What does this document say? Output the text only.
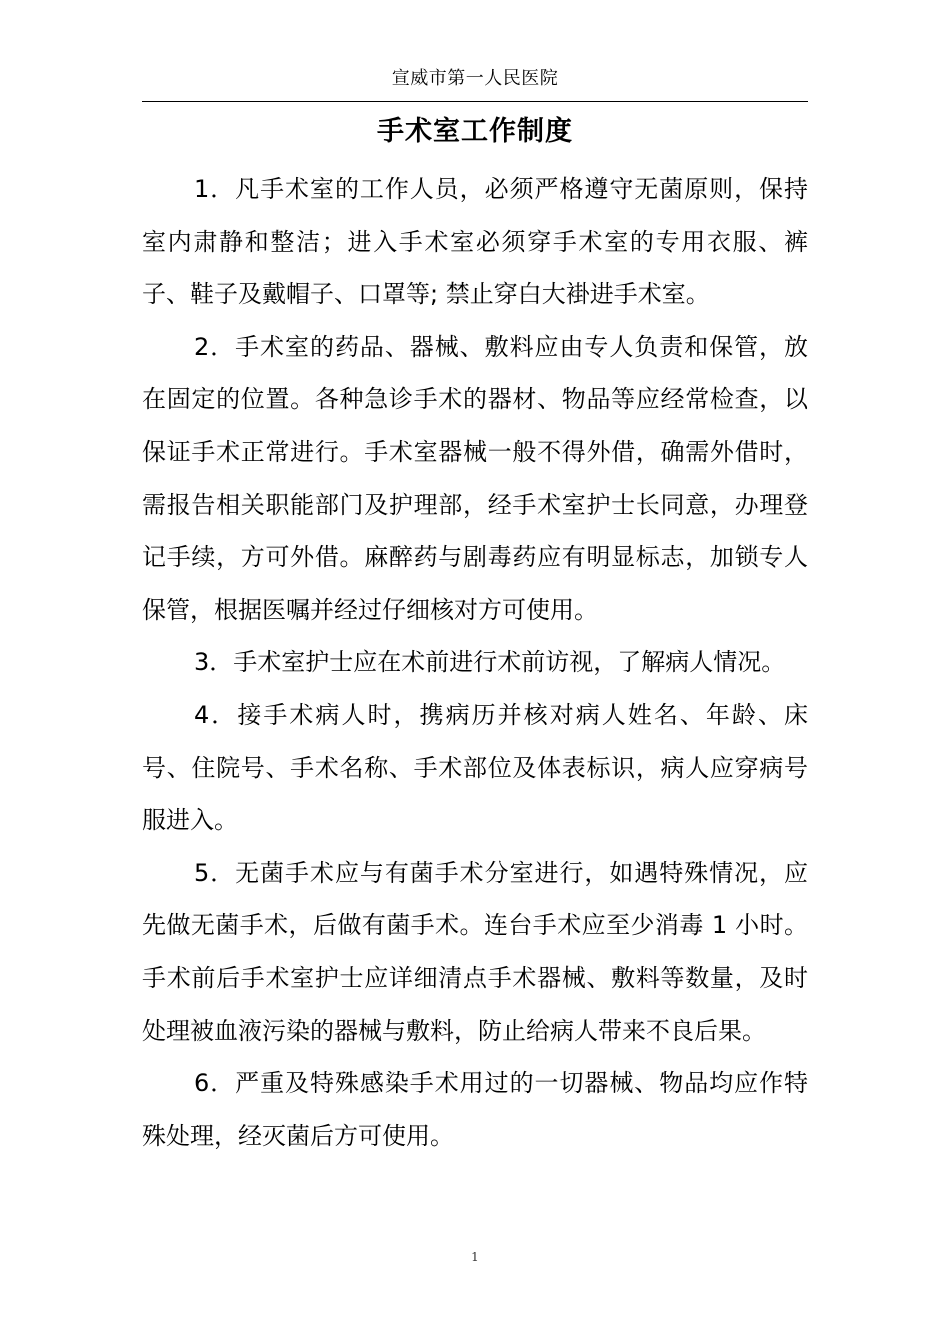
宣威市第一人民医院
手术室工作制度

1．凡手术室的工作人员，必须严格遵守无菌原则，保持室内肃静和整洁；进入手术室必须穿手术室的专用衣服、裤子、鞋子及戴帽子、口罩等; 禁止穿白大褂进手术室。

2．手术室的药品、器械、敷料应由专人负责和保管，放在固定的位置。各种急诊手术的器材、物品等应经常检查，以保证手术正常进行。手术室器械一般不得外借，确需外借时，需报告相关职能部门及护理部，经手术室护士长同意，办理登记手续，方可外借。麻醉药与剧毒药应有明显标志，加锁专人保管，根据医嘱并经过仔细核对方可使用。

3．手术室护士应在术前进行术前访视，了解病人情况。

4．接手术病人时，携病历并核对病人姓名、年龄、床号、住院号、手术名称、手术部位及体表标识，病人应穿病号服进入。

5．无菌手术应与有菌手术分室进行，如遇特殊情况，应先做无菌手术，后做有菌手术。连台手术应至少消毒 1 小时。手术前后手术室护士应详细清点手术器械、敷料等数量，及时处理被血液污染的器械与敷料，防止给病人带来不良后果。

6．严重及特殊感染手术用过的一切器械、物品均应作特殊处理，经灭菌后方可使用。

1
